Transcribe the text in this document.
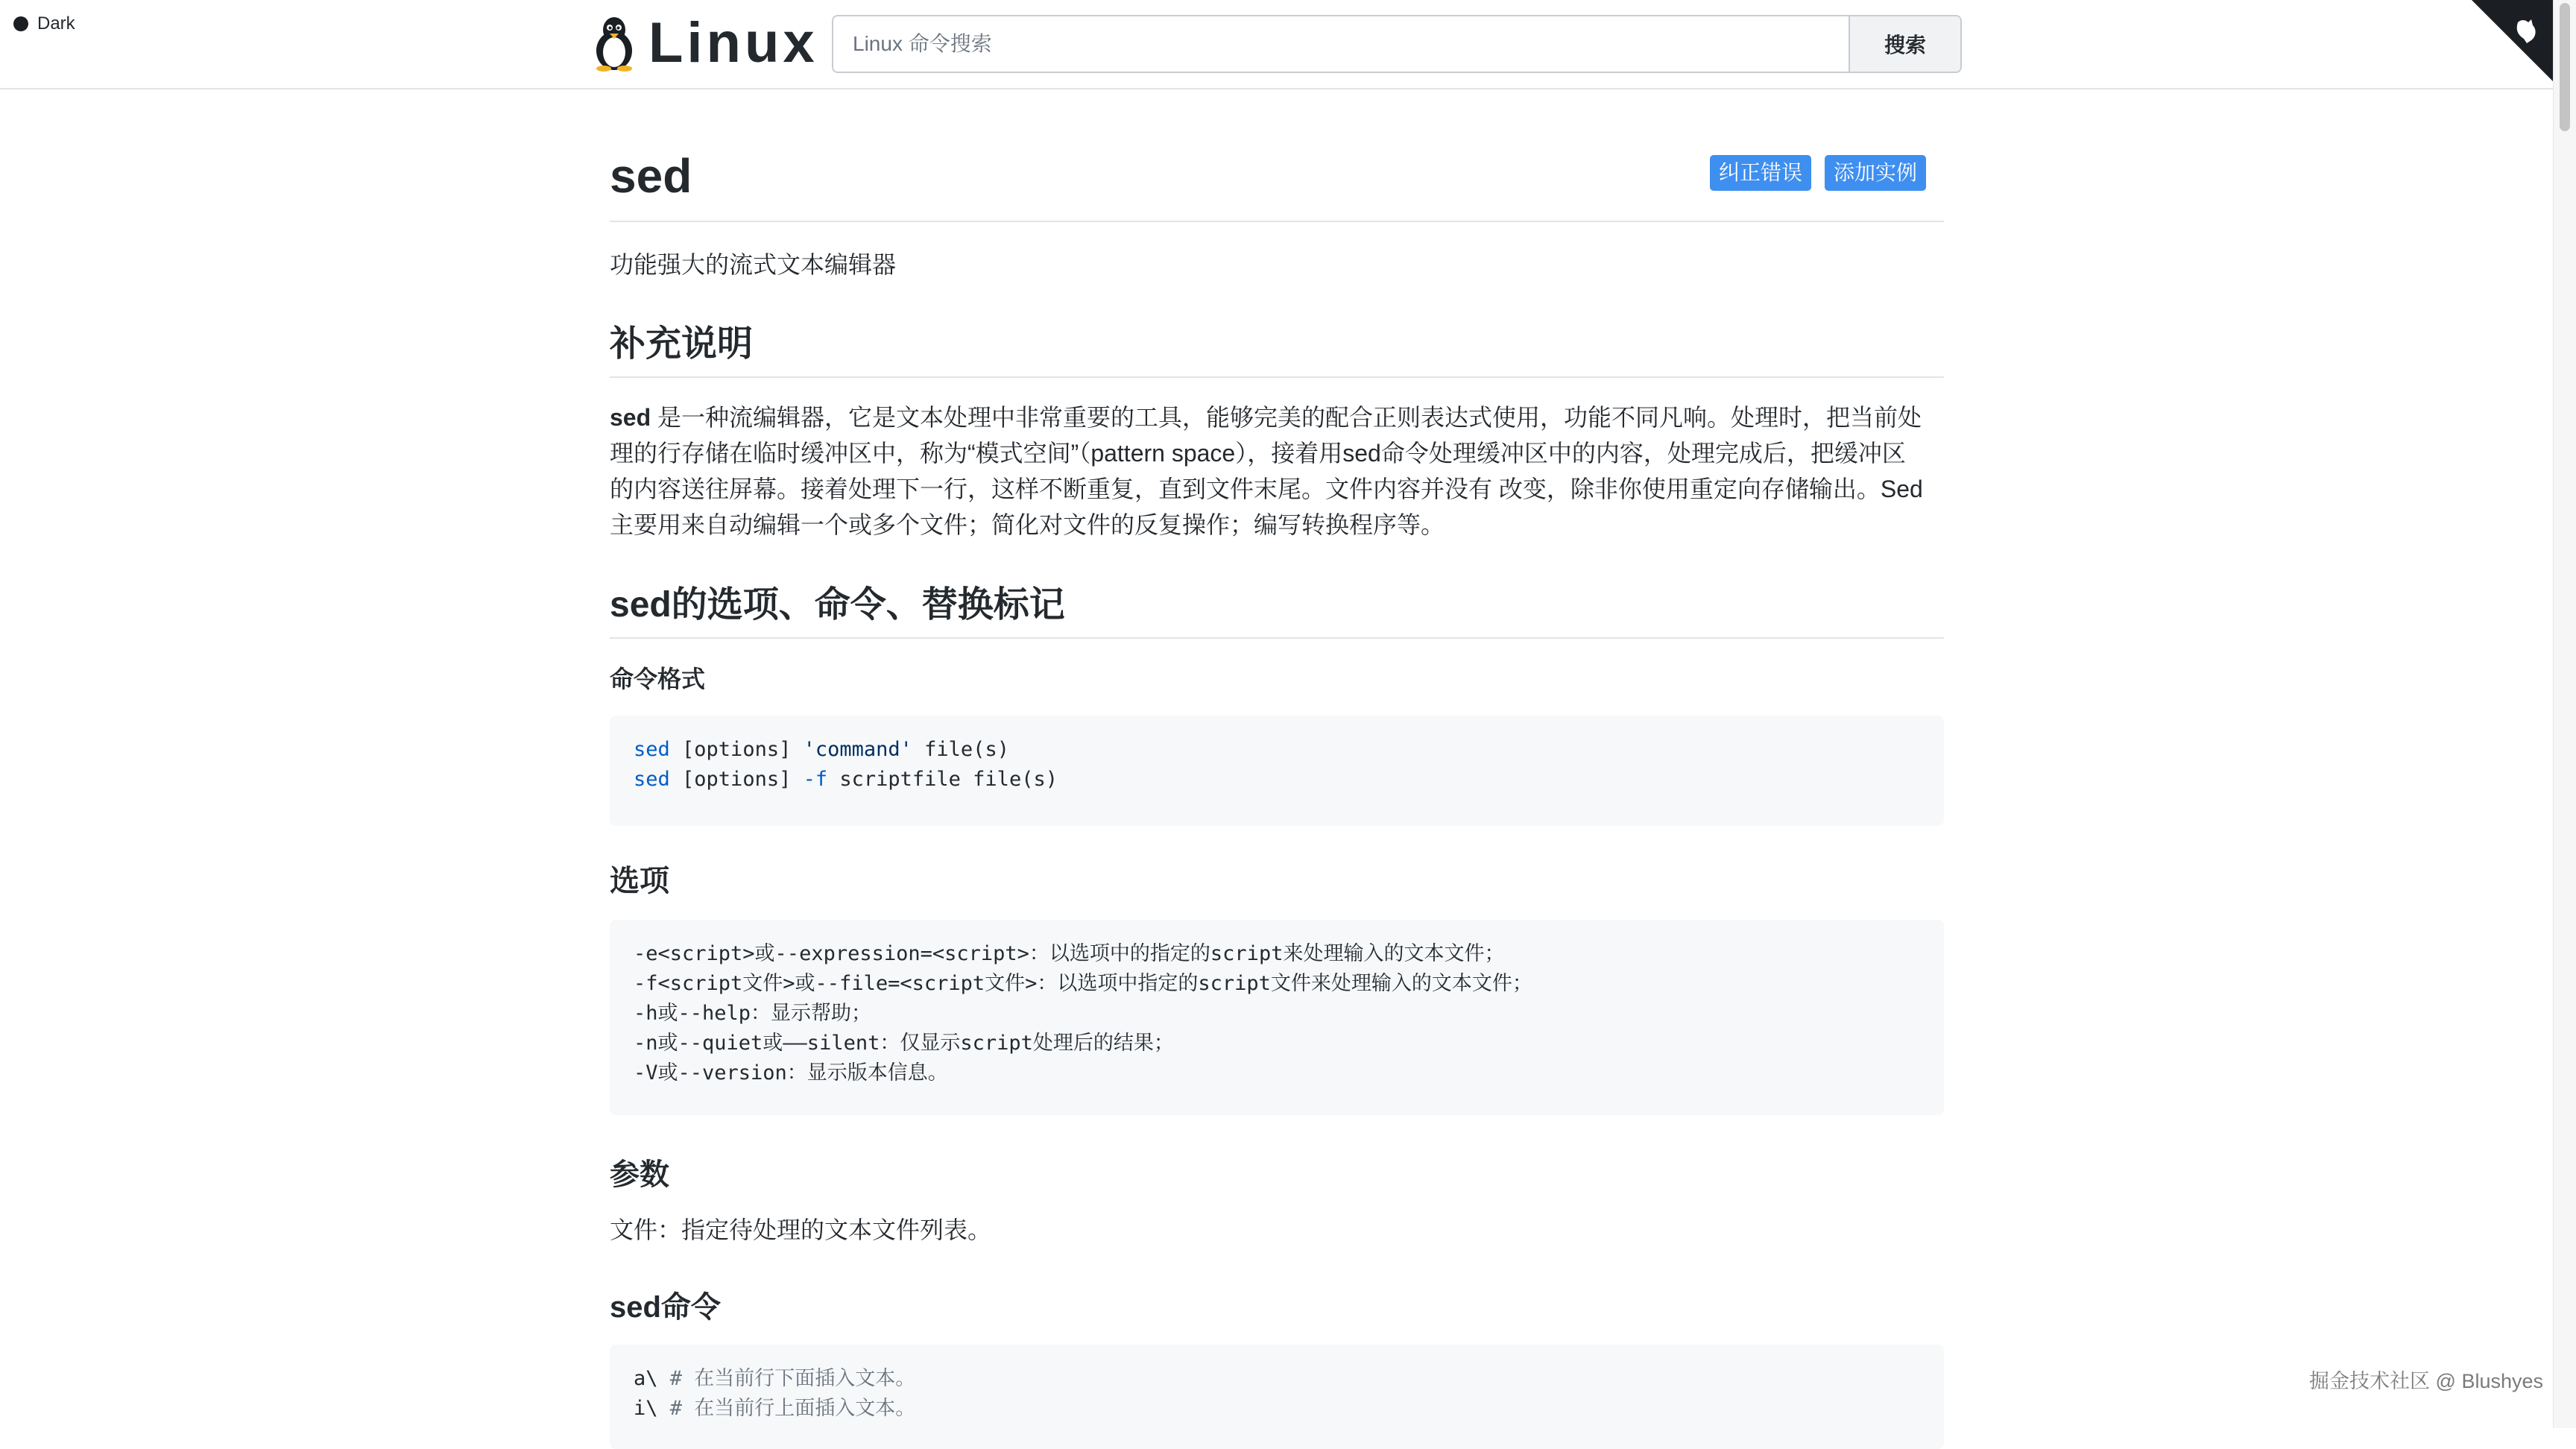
Dark	Linux
Linux 命令搜索	搜索
sed	纠正错误	添加实例

功能强大的流式文本编辑器

补充说明
sed 是一种流编辑器，它是文本处理中非常重要的工具，能够完美的配合正则表达式使用，功能不同凡响。处理时，把当前处
理的行存储在临时缓冲区中，称为“模式空间”（pattern space），接着用sed命令处理缓冲区中的内容，处理完成后，把缓冲区
的内容送往屏幕。接着处理下一行，这样不断重复，直到文件末尾。文件内容并没有 改变，除非你使用重定向存储输出。Sed
主要用来自动编辑一个或多个文件；简化对文件的反复操作；编写转换程序等。
sed的选项、命令、替换标记
命令格式
sed [options] 'command' file(s)
sed [options] -f scriptfile file(s)
选项
-e<script>或--expression=<script>：以选项中的指定的script来处理输入的文本文件；
-f<script文件>或--file=<script文件>：以选项中指定的script文件来处理输入的文本文件；
-h或--help：显示帮助；
-n或--quiet或——silent：仅显示script处理后的结果；
-V或--version：显示版本信息。
参数

文件：指定待处理的文本文件列表。

sed命令
a\ # 在当前行下面插入文本。
i\ # 在当前行上面插入文本。
掘金技术社区 @ Blushyes
